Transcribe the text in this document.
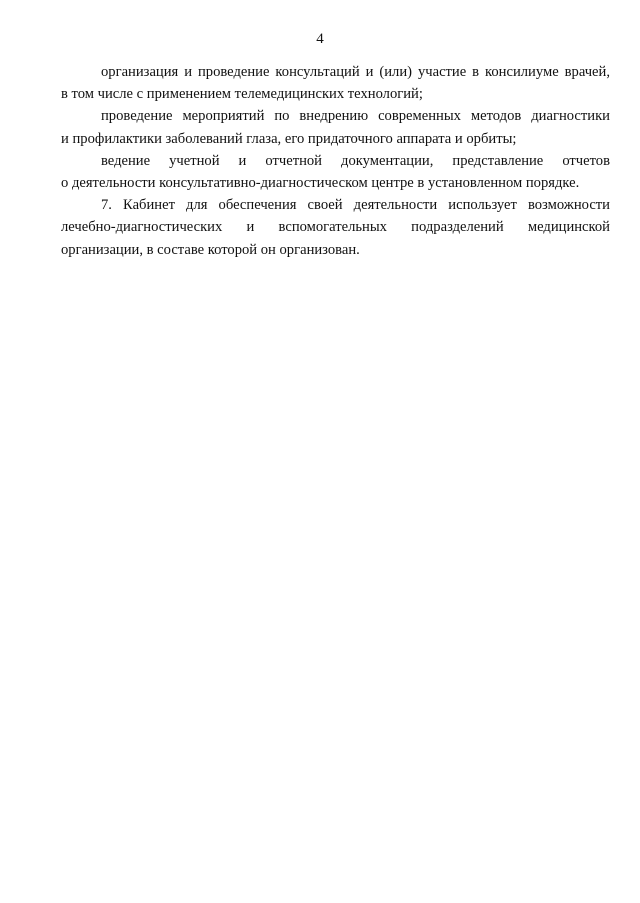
4

организация и проведение консультаций и (или) участие в консилиуме врачей,
в том числе с применением телемедицинских технологий;

проведение мероприятий по внедрению современных методов диагностики
и профилактики заболеваний глаза, его придаточного аппарата и орбиты;

ведение учетной и отчетной документации, представление отчетов
о деятельности консультативно-диагностическом центре в установленном порядке.

7. Кабинет для обеспечения своей деятельности использует возможности
лечебно-диагностических и вспомогательных подразделений медицинской
организации, в составе которой он организован.
